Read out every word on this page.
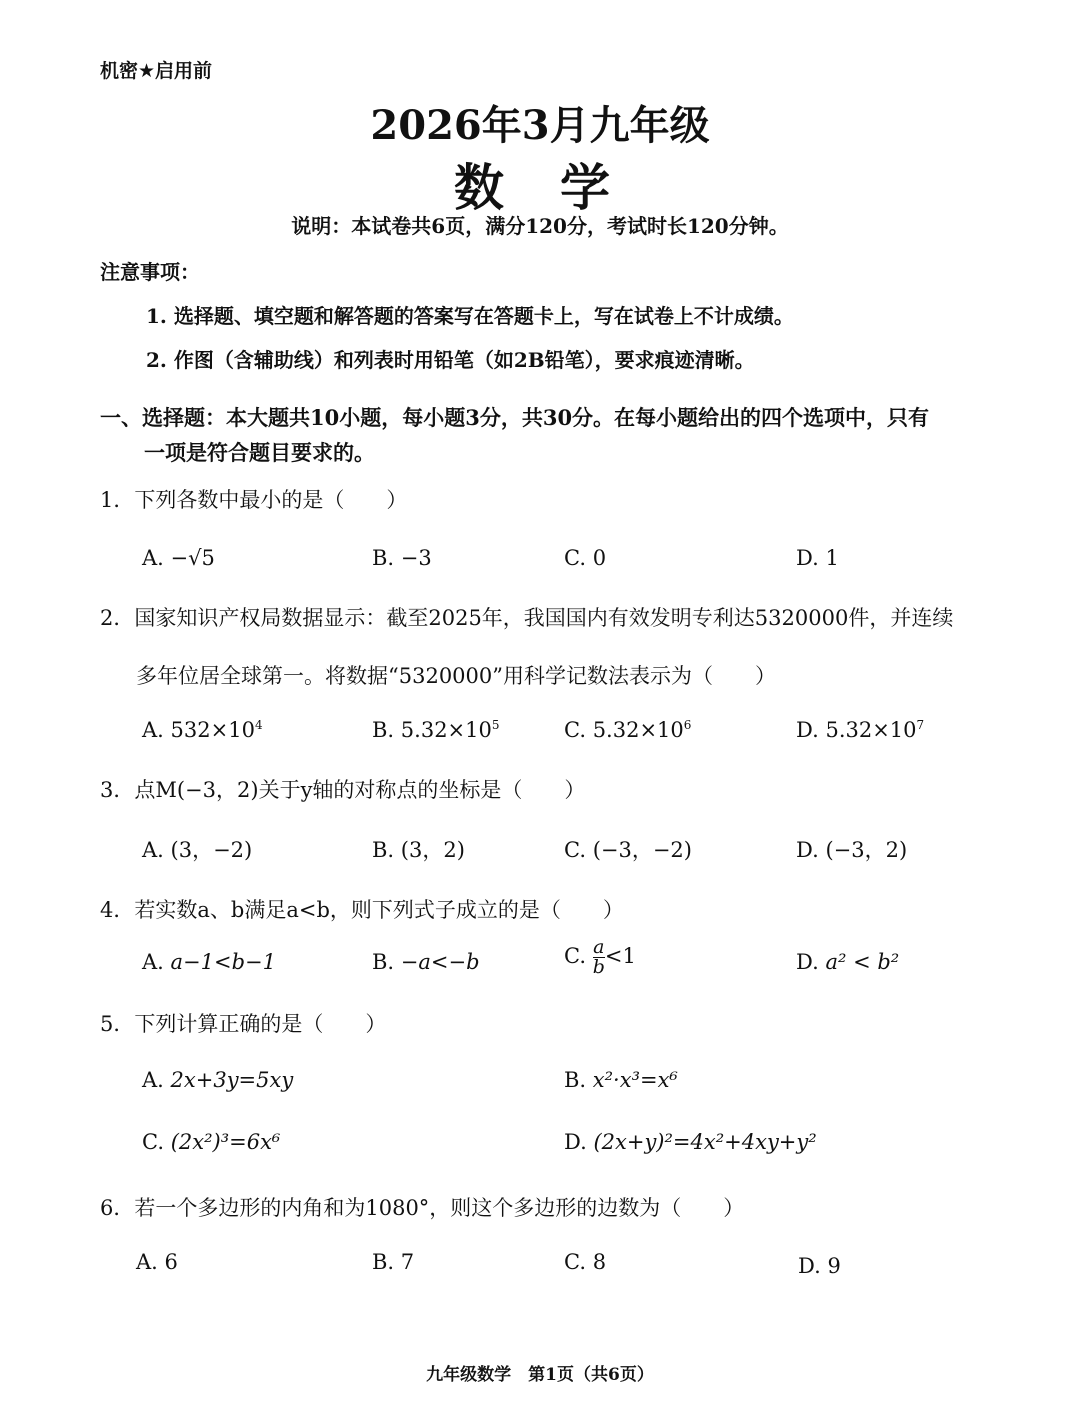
机密★启用前
2026年3月九年级
数学
说明：本试卷共6页，满分120分，考试时长120分钟。
注意事项：
1. 选择题、填空题和解答题的答案写在答题卡上，写在试卷上不计成绩。
2. 作图（含辅助线）和列表时用铅笔（如2B铅笔），要求痕迹清晰。
一、选择题：本大题共10小题，每小题3分，共30分。在每小题给出的四个选项中，只有
一项是符合题目要求的。
1．下列各数中最小的是（　　）
A. −√5	B. −3	C. 0	D. 1
2．国家知识产权局数据显示：截至2025年，我国国内有效发明专利达5320000件，并连续
多年位居全球第一。将数据“5320000”用科学记数法表示为（　　）
A. $532\times 10^4$	B. $5.32\times 10^5$	C. $5.32\times 10^6$	D. $5.32\times 10^7$
3．点M(−3，2)关于y轴的对称点的坐标是（　　）
A. (3，−2)	B. (3，2)	C. (−3，−2)	D. (−3，2)
4．若实数a、b满足a<b，则下列式子成立的是（　　）
A. a−1<b−1	B. −a<−b	C. $\frac{a}{b} <1$	D. a² < b²
5．下列计算正确的是（　　）
A. 2x+3y=5xy	B. x²·x³=x⁶
C. (2x²)³=6x⁶	D. (2x+y)²=4x²+4xy+y²
6．若一个多边形的内角和为1080°，则这个多边形的边数为（　　）
A. 6	B. 7	C. 8	D. 9
九年级数学　第1页（共6页）
